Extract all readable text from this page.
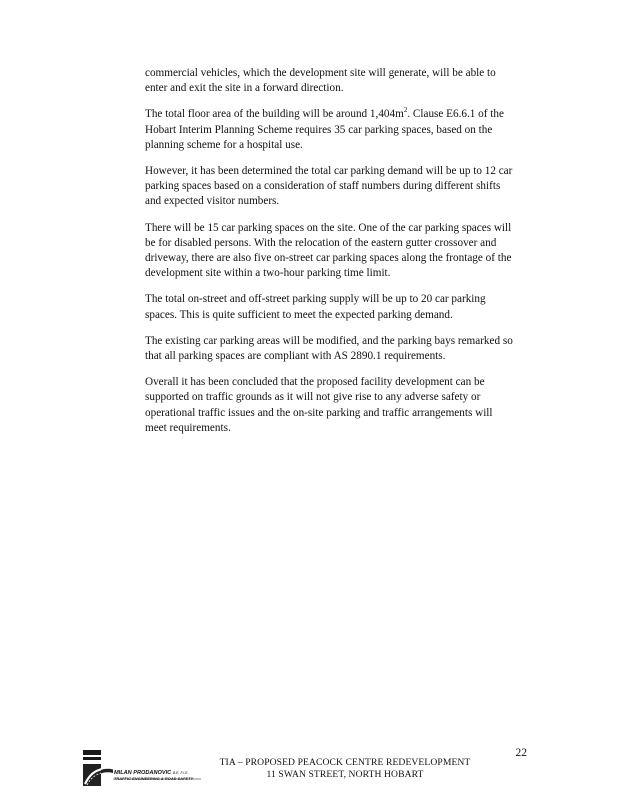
commercial vehicles, which the development site will generate, will be able to enter and exit the site in a forward direction.

The total floor area of the building will be around $1,404m^2$. Clause E6.6.1 of the Hobart Interim Planning Scheme requires 35 car parking spaces, based on the planning scheme for a hospital use.

However, it has been determined the total car parking demand will be up to 12 car parking spaces based on a consideration of staff numbers during different shifts and expected visitor numbers.

There will be 15 car parking spaces on the site. One of the car parking spaces will be for disabled persons. With the relocation of the eastern gutter crossover and driveway, there are also five on-street car parking spaces along the frontage of the development site within a two-hour parking time limit.

The total on-street and off-street parking supply will be up to 20 car parking spaces. This is quite sufficient to meet the expected parking demand.

The existing car parking areas will be modified, and the parking bays remarked so that all parking spaces are compliant with AS 2890.1 requirements.

Overall it has been concluded that the proposed facility development can be supported on traffic grounds as it will not give rise to any adverse safety or operational traffic issues and the on-site parking and traffic arrangements will meet requirements.

22
TIA – PROPOSED PEACOCK CENTRE REDEVELOPMENT
11 SWAN STREET, NORTH HOBART
MILAN PRODANOVIC B.E. F.I.E.
TRAFFIC ENGINEERING & ROAD SAFETY
